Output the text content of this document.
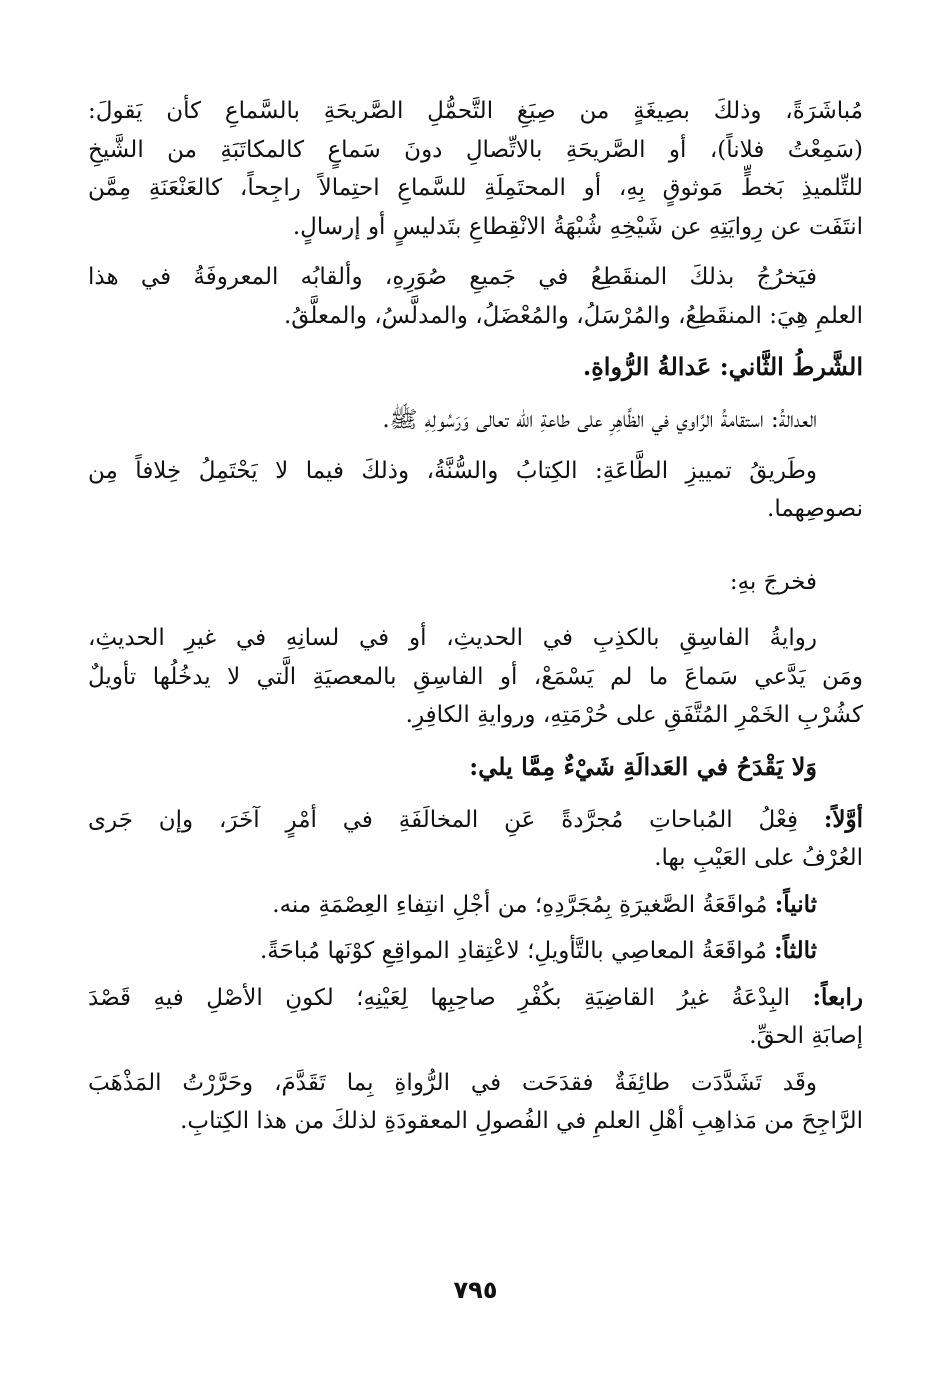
مُباشَرَةً، وذلكَ بصِيغَةٍ من صِيَغِ التَّحمُّلِ الصَّريحَةِ بالسَّماعِ كأن يَقولَ:
(سَمِعْتُ فلاناً)، أو الصَّريحَةِ بالاتِّصالِ دونَ سَماعٍ كالمكاتَبَةِ من الشَّيخِ
للتِّلميذِ بَخطٍّ مَوثوقٍ بِهِ، أو المحتَمِلَةِ للسَّماعِ احتِمالاً راجِحاً، كالعَنْعَنَةِ مِمَّن
انتَفَت عن رِوايَتِهِ عن شَيْخِهِ شُبْهَةُ الانْقِطاعِ بتَدليسٍ أو إرسالٍ.
فيَخرُجُ بذلكَ المنقَطِعُ في جَميعِ صُوَرِهِ، وألقابُه المعروفَةُ في هذا
العلمِ هِيَ: المنقَطِعُ، والمُرْسَلُ، والمُعْضَلُ، والمدلَّسُ، والمعلَّقُ.
الشَّرطُ الثَّاني: عَدالةُ الرُّواةِ.
العدالةُ: استقامةُ الرَّاوي في الظَّاهِرِ على طاعةِ الله تعالى وَرَسُولِهِ ﷺ.
وطَريقُ تمييزِ الطَّاعَةِ: الكِتابُ والسُّنَّةُ، وذلكَ فيما لا يَحْتَمِلُ خِلافاً مِن
نصوصِهما.
فخرجَ بهِ:
روايةُ الفاسِقِ بالكذِبِ في الحديثِ، أو في لسانِهِ في غيرِ الحديثِ،
ومَن يَدَّعي سَماعَ ما لم يَسْمَعْ، أو الفاسِقِ بالمعصيَةِ الَّتي لا يدخُلُها تأويلٌ
كشُرْبِ الخَمْرِ المُتَّفَقِ على حُرْمَتِهِ، وروايةِ الكافِرِ.
وَلا يَقْدَحُ في العَدالَةِ شَيْءٌ مِمَّا يلي:
أوَّلاً: فِعْلُ المُباحاتِ مُجرَّدةً عَنِ المخالَفَةِ في أمْرٍ آخَرَ، وإن جَرى
العُرْفُ على العَيْبِ بها.
ثانياً: مُواقَعَةُ الصَّغيرَةِ بِمُجَرَّدِهِ؛ من أجْلِ انتِفاءِ العِصْمَةِ منه.
ثالثاً: مُواقَعَةُ المعاصِي بالتَّأويلِ؛ لاعْتِقادِ المواقِعِ كوْنَها مُباحَةً.
رابعاً: البِدْعَةُ غيرُ القاضِيَةِ بكُفْرِ صاحِبِها لِعَيْنِهِ؛ لكونِ الأصْلِ فيهِ قَصْدَ
إصابَةِ الحقِّ.
وقَد تَشَدَّدَت طائِفَةٌ فقدَحَت في الرُّواةِ بِما تَقَدَّمَ، وحَرَّرْتُ المَذْهَبَ
الرَّاجِحَ من مَذاهِبِ أهْلِ العلمِ في الفُصولِ المعقودَةِ لذلكَ من هذا الكِتابِ.
٧٩٥
